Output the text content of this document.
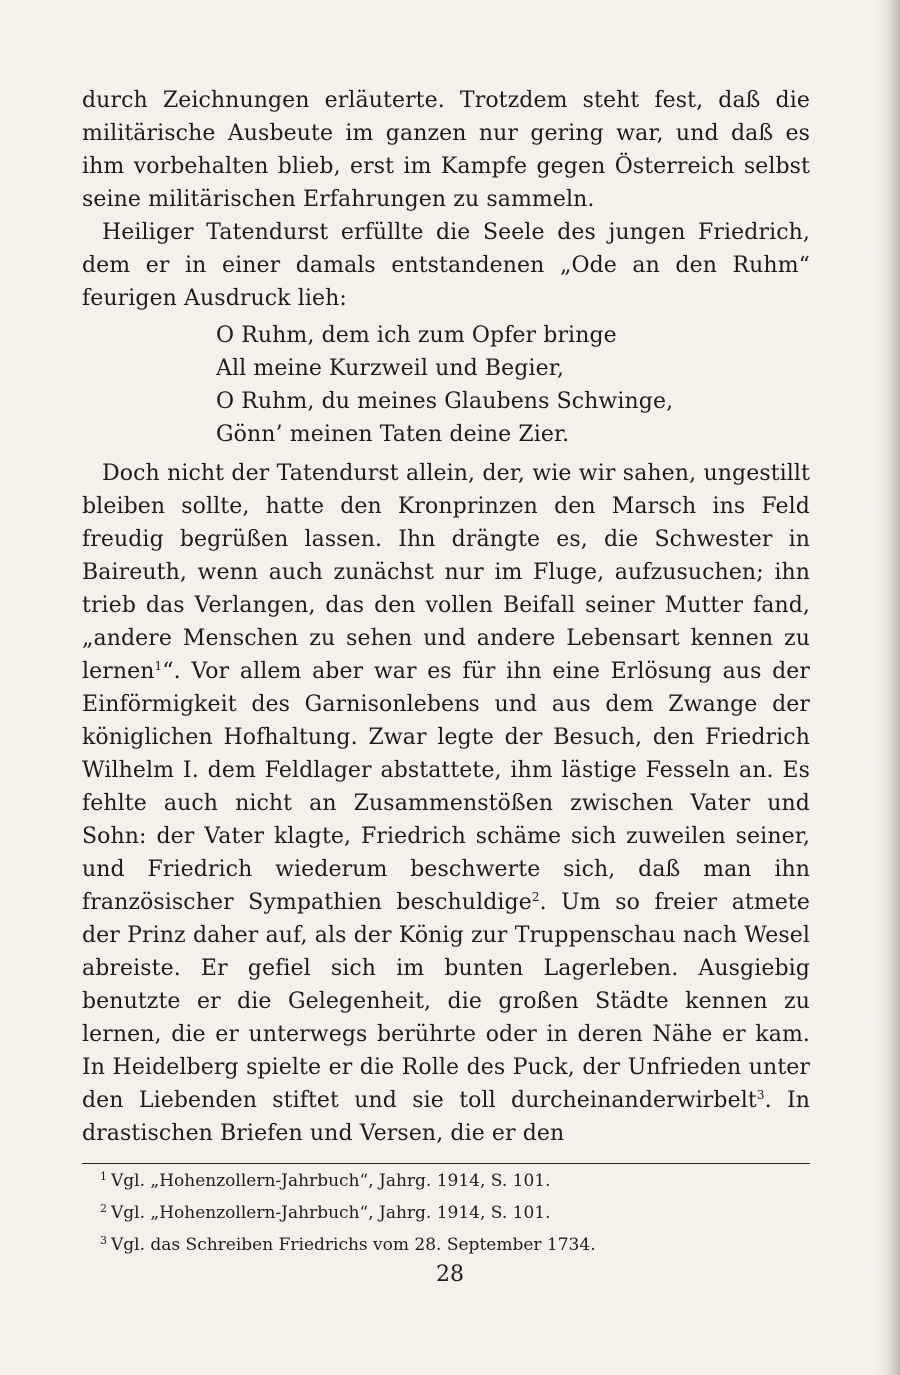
durch Zeichnungen erläuterte. Trotzdem steht fest, daß die militärische Ausbeute im ganzen nur gering war, und daß es ihm vorbehalten blieb, erst im Kampfe gegen Österreich selbst seine militärischen Erfahrungen zu sammeln.

Heiliger Tatendurst erfüllte die Seele des jungen Friedrich, dem er in einer damals entstandenen „Ode an den Ruhm“ feurigen Ausdruck lieh:

O Ruhm, dem ich zum Opfer bringe
All meine Kurzweil und Begier,
O Ruhm, du meines Glaubens Schwinge,
Gönn’ meinen Taten deine Zier.

Doch nicht der Tatendurst allein, der, wie wir sahen, ungestillt bleiben sollte, hatte den Kronprinzen den Marsch ins Feld freudig begrüßen lassen. Ihn drängte es, die Schwester in Baireuth, wenn auch zunächst nur im Fluge, aufzusuchen; ihn trieb das Verlangen, das den vollen Beifall seiner Mutter fand, „andere Menschen zu sehen und andere Lebensart kennen zu lernen$^1$“. Vor allem aber war es für ihn eine Erlösung aus der Einförmigkeit des Garnisonlebens und aus dem Zwange der königlichen Hofhaltung. Zwar legte der Besuch, den Friedrich Wilhelm I. dem Feldlager abstattete, ihm lästige Fesseln an. Es fehlte auch nicht an Zusammenstößen zwischen Vater und Sohn: der Vater klagte, Friedrich schäme sich zuweilen seiner, und Friedrich wiederum beschwerte sich, daß man ihn französischer Sympathien beschuldige$^2$. Um so freier atmete der Prinz daher auf, als der König zur Truppenschau nach Wesel abreiste. Er gefiel sich im bunten Lagerleben. Ausgiebig benutzte er die Gelegenheit, die großen Städte kennen zu lernen, die er unterwegs berührte oder in deren Nähe er kam. In Heidelberg spielte er die Rolle des Puck, der Unfrieden unter den Liebenden stiftet und sie toll durcheinanderwirbelt$^3$. In drastischen Briefen und Versen, die er den

$^1$ Vgl. „Hohenzollern-Jahrbuch“, Jahrg. 1914, S. 101.
$^2$ Vgl. „Hohenzollern-Jahrbuch“, Jahrg. 1914, S. 101.
$^3$ Vgl. das Schreiben Friedrichs vom 28. September 1734.
28
